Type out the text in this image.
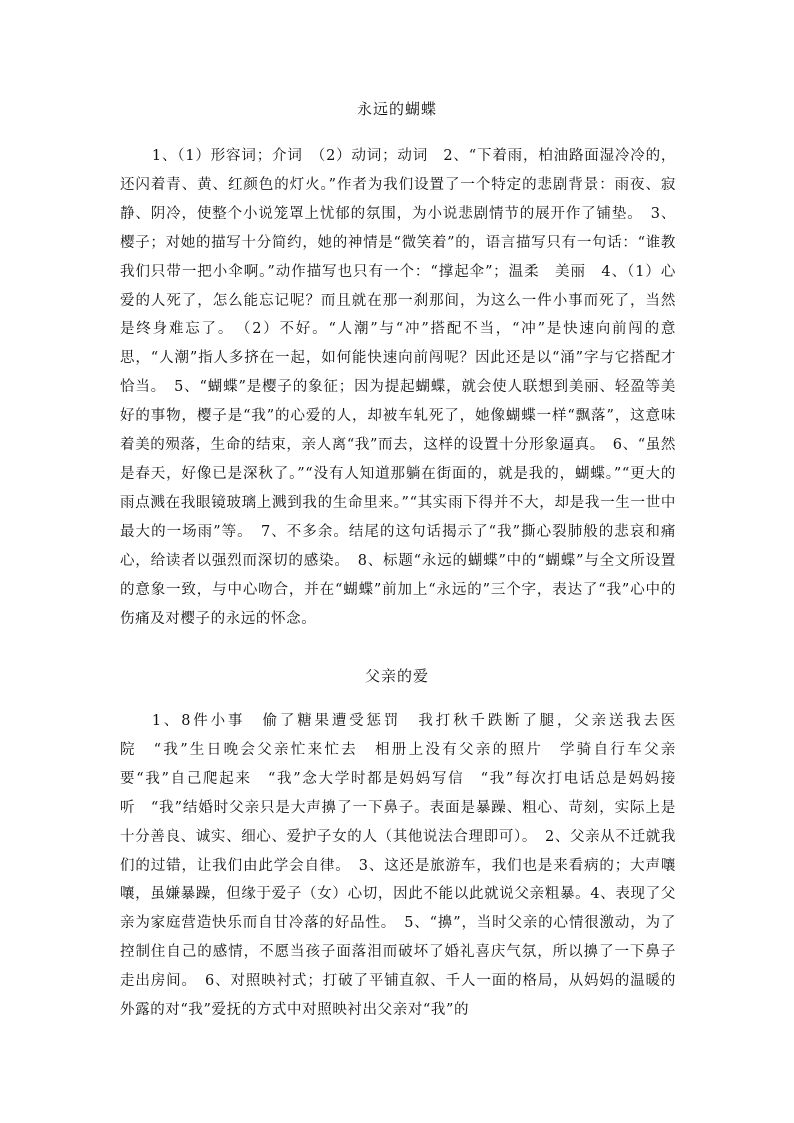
永远的蝴蝶

1、（1）形容词；介词　（2）动词；动词　2、“下着雨，柏油路面湿冷冷的，还闪着青、黄、红颜色的灯火。”作者为我们设置了一个特定的悲剧背景：雨夜、寂静、阴冷，使整个小说笼罩上忧郁的氛围，为小说悲剧情节的展开作了铺垫。　3、樱子；对她的描写十分简约，她的神情是“微笑着”的，语言描写只有一句话：“谁教我们只带一把小伞啊。”动作描写也只有一个：“撑起伞”；温柔　美丽　4、（1）心爱的人死了，怎么能忘记呢？而且就在那一刹那间，为这么一件小事而死了，当然是终身难忘了。　（2）不好。“人潮”与“冲”搭配不当，“冲”是快速向前闯的意思，“人潮”指人多挤在一起，如何能快速向前闯呢？因此还是以“涌”字与它搭配才恰当。　5、“蝴蝶”是樱子的象征；因为提起蝴蝶，就会使人联想到美丽、轻盈等美好的事物，樱子是“我”的心爱的人，却被车轧死了，她像蝴蝶一样“飘落”，这意味着美的殒落，生命的结束，亲人离“我”而去，这样的设置十分形象逼真。　6、“虽然是春天，好像已是深秋了。”“没有人知道那躺在街面的，就是我的，蝴蝶。”“更大的雨点溅在我眼镜玻璃上溅到我的生命里来。”“其实雨下得并不大，却是我一生一世中最大的一场雨”等。　7、不多余。结尾的这句话揭示了“我”撕心裂肺般的悲哀和痛心，给读者以强烈而深切的感染。　8、标题“永远的蝴蝶”中的“蝴蝶”与全文所设置的意象一致，与中心吻合，并在“蝴蝶”前加上“永远的”三个字，表达了“我”心中的伤痛及对樱子的永远的怀念。

父亲的爱

1、8件小事　偷了糖果遭受惩罚　我打秋千跌断了腿，父亲送我去医院　“我”生日晚会父亲忙来忙去　相册上没有父亲的照片　学骑自行车父亲要“我”自己爬起来　“我”念大学时都是妈妈写信　“我”每次打电话总是妈妈接听　“我”结婚时父亲只是大声擤了一下鼻子。表面是暴躁、粗心、苛刻，实际上是十分善良、诚实、细心、爱护子女的人（其他说法合理即可）。　2、父亲从不迁就我们的过错，让我们由此学会自律。　3、这还是旅游车，我们也是来看病的；大声嚷嚷，虽嫌暴躁，但缘于爱子（女）心切，因此不能以此就说父亲粗暴。4、表现了父亲为家庭营造快乐而自甘冷落的好品性。　5、“擤”，当时父亲的心情很激动，为了控制住自己的感情，不愿当孩子面落泪而破坏了婚礼喜庆气氛，所以擤了一下鼻子走出房间。　6、对照映衬式；打破了平铺直叙、千人一面的格局，从妈妈的温暖的外露的对“我”爱抚的方式中对照映衬出父亲对“我”的
